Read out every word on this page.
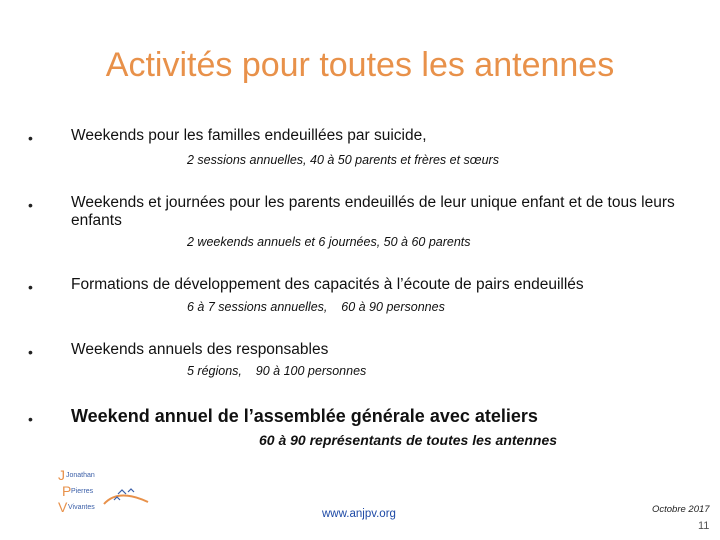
Activités pour toutes les antennes
• Weekends pour les familles endeuillées par suicide,
2 sessions annuelles, 40 à 50 parents et frères et sœurs
• Weekends et journées pour les parents endeuillés de leur unique enfant et de tous leurs enfants
2 weekends annuels et 6 journées, 50 à 60 parents
• Formations de développement des capacités à l’écoute de pairs endeuillés
6 à 7 sessions annuelles,    60 à 90 personnes
• Weekends annuels des responsables
5 régions,    90 à 100 personnes
• Weekend annuel de l’assemblée générale avec ateliers
60 à 90 représentants de toutes les antennes
J Jonathan
P Pierres
V Vivantes
www.anjpv.org	Octobre 2017
11
